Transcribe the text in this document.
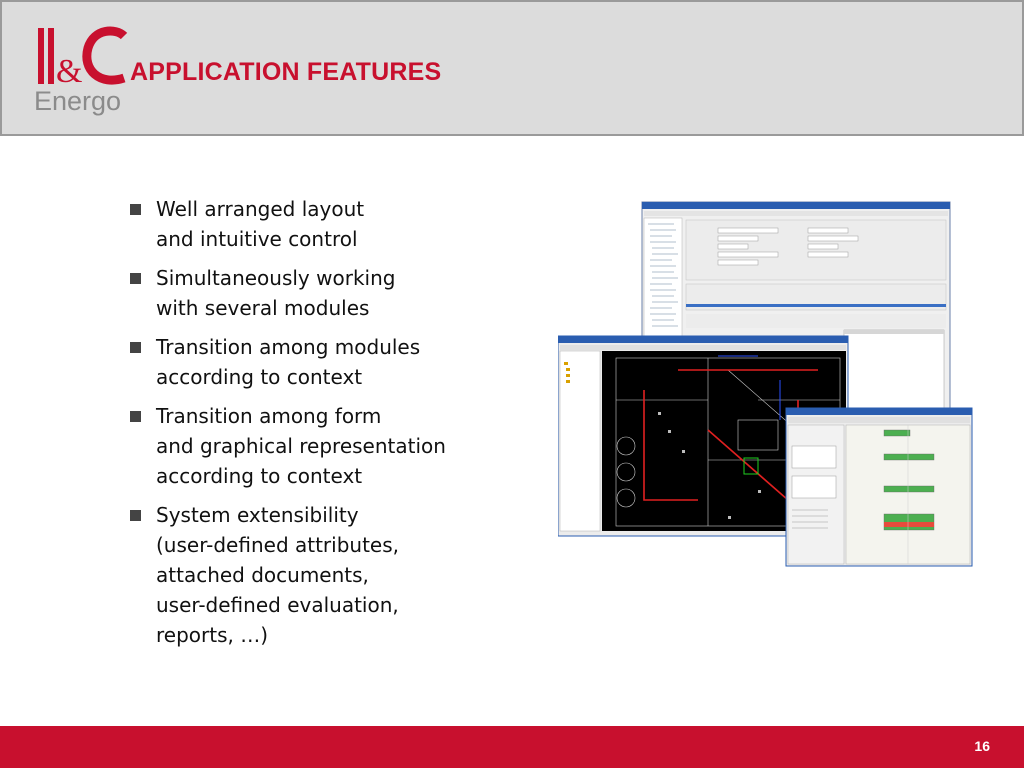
&
Energo
APPLICATION FEATURES
Well arranged layout
and intuitive control
Simultaneously working
with several modules
Transition among modules
according to context
Transition among form
and graphical representation
according to context
System extensibility
(user-defined attributes,
attached documents,
user-defined evaluation,
reports, …)
16
